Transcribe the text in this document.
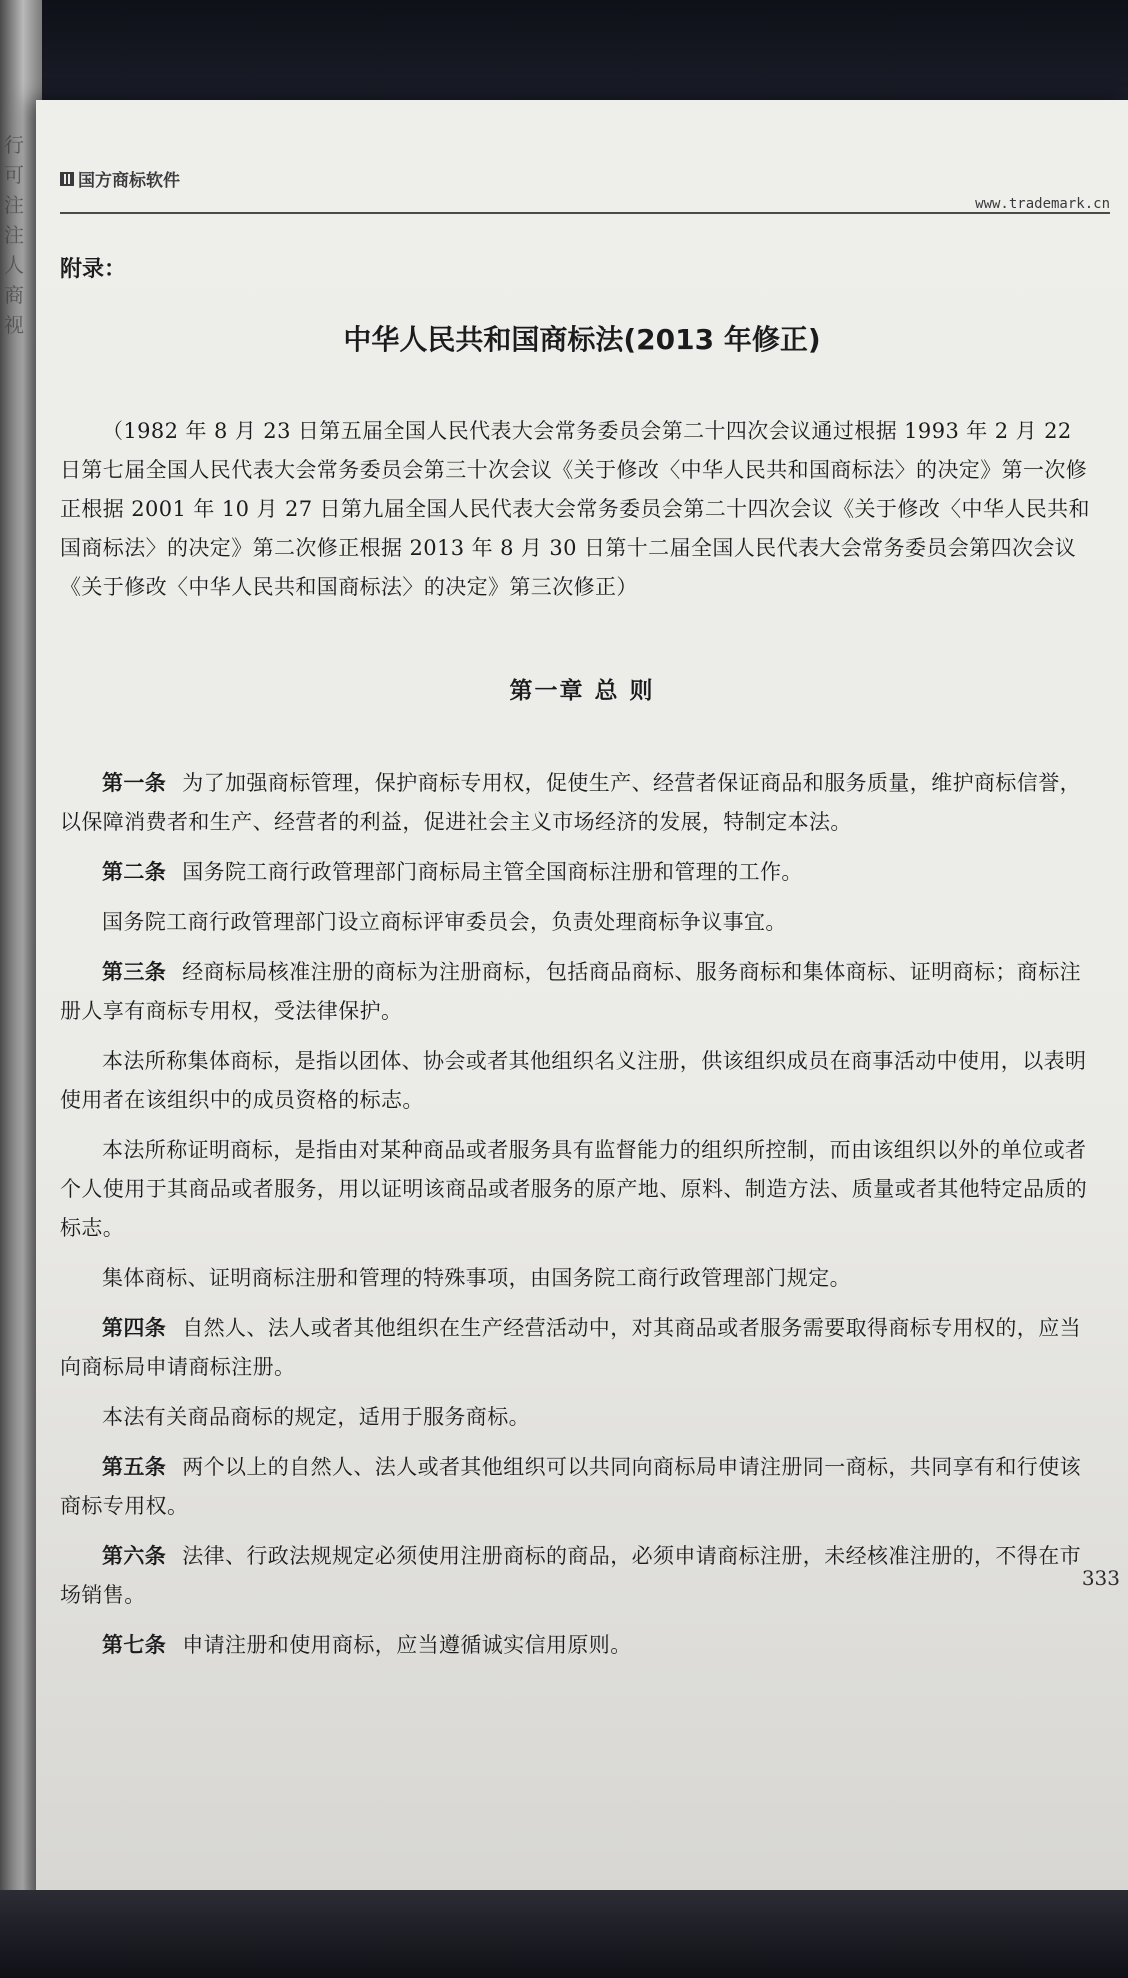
行可注注人商视
国方商标软件
www.trademark.cn
附录：
中华人民共和国商标法(2013 年修正)

（1982 年 8 月 23 日第五届全国人民代表大会常务委员会第二十四次会议通过根据 1993 年 2 月 22 日第七届全国人民代表大会常务委员会第三十次会议《关于修改〈中华人民共和国商标法〉的决定》第一次修正根据 2001 年 10 月 27 日第九届全国人民代表大会常务委员会第二十四次会议《关于修改〈中华人民共和国商标法〉的决定》第二次修正根据 2013 年 8 月 30 日第十二届全国人民代表大会常务委员会第四次会议《关于修改〈中华人民共和国商标法〉的决定》第三次修正）

第一章 总 则

第一条 为了加强商标管理，保护商标专用权，促使生产、经营者保证商品和服务质量，维护商标信誉，以保障消费者和生产、经营者的利益，促进社会主义市场经济的发展，特制定本法。

第二条 国务院工商行政管理部门商标局主管全国商标注册和管理的工作。

国务院工商行政管理部门设立商标评审委员会，负责处理商标争议事宜。

第三条 经商标局核准注册的商标为注册商标，包括商品商标、服务商标和集体商标、证明商标；商标注册人享有商标专用权，受法律保护。

本法所称集体商标，是指以团体、协会或者其他组织名义注册，供该组织成员在商事活动中使用，以表明使用者在该组织中的成员资格的标志。

本法所称证明商标，是指由对某种商品或者服务具有监督能力的组织所控制，而由该组织以外的单位或者个人使用于其商品或者服务，用以证明该商品或者服务的原产地、原料、制造方法、质量或者其他特定品质的标志。

集体商标、证明商标注册和管理的特殊事项，由国务院工商行政管理部门规定。

第四条 自然人、法人或者其他组织在生产经营活动中，对其商品或者服务需要取得商标专用权的，应当向商标局申请商标注册。

本法有关商品商标的规定，适用于服务商标。

第五条 两个以上的自然人、法人或者其他组织可以共同向商标局申请注册同一商标，共同享有和行使该商标专用权。

第六条 法律、行政法规规定必须使用注册商标的商品，必须申请商标注册，未经核准注册的，不得在市场销售。

第七条 申请注册和使用商标，应当遵循诚实信用原则。

333
